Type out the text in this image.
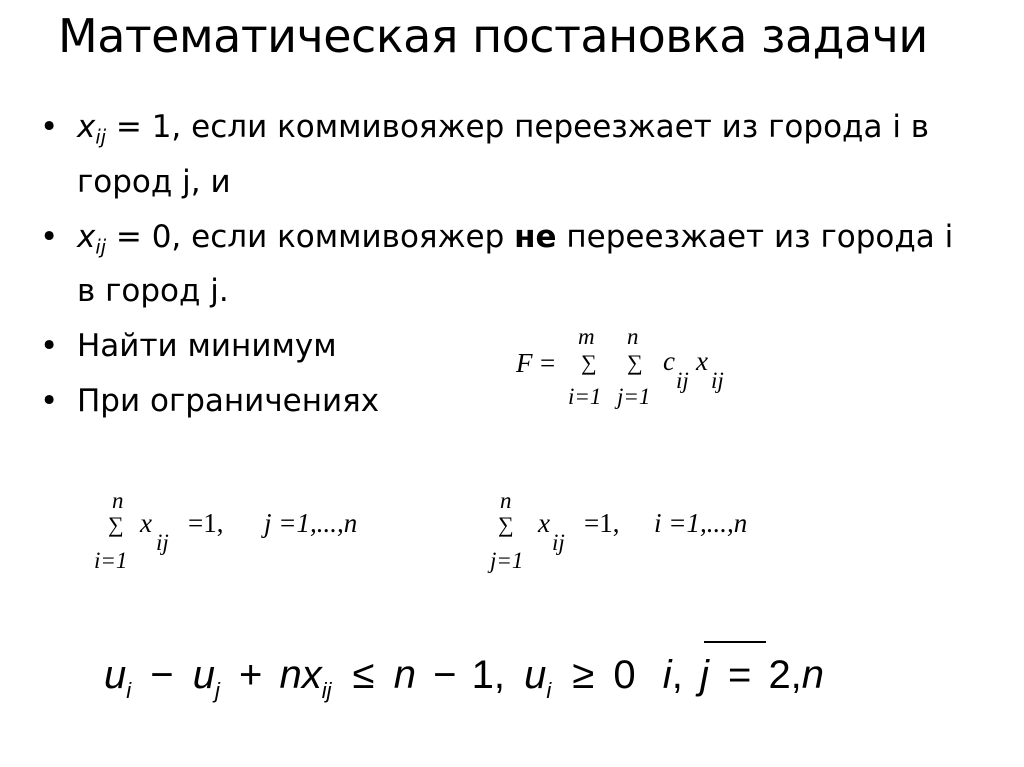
Математическая постановка задачи
• $x_{ij} = 1$, если коммивояжер переезжает из города i в город j, и
• $x_{ij} = 0$, если коммивояжер не переезжает из города i в город j.
• Найти минимум
• При ограничениях
F =
m
∑
i=1
n
∑
j=1
c
ij
x
ij
n
∑
i=1
x
ij
=1, j =1,...,n
n
∑
j=1
x
ij
=1, i =1,...,n
$u_i - u_j + nx_{ij} \le n - 1$, $u_i \ge 0$ i, j = 2,n
